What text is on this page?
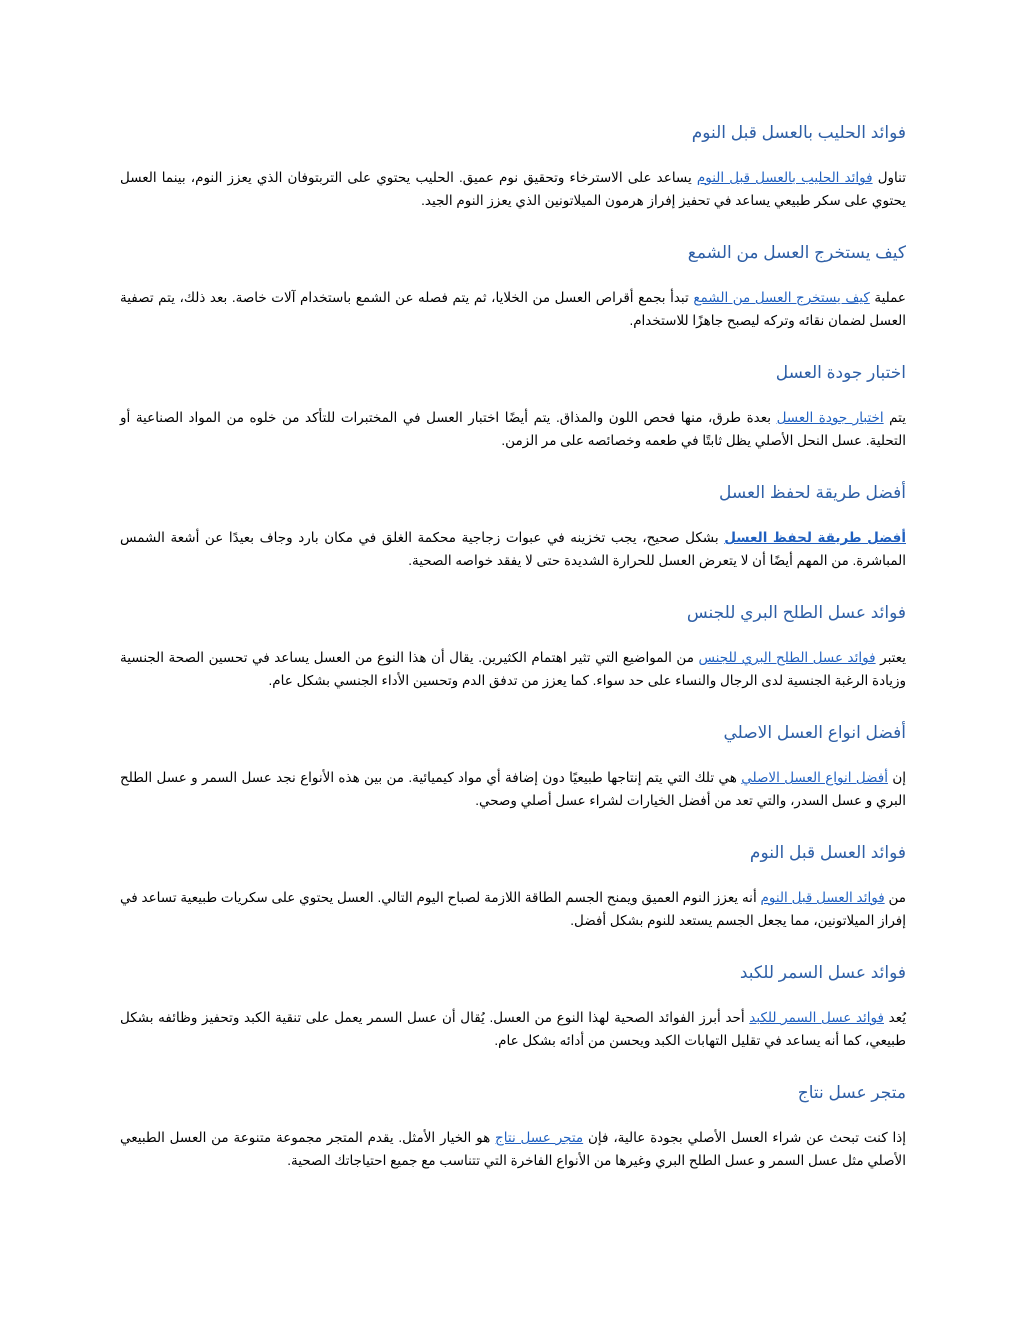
فوائد الحليب بالعسل قبل النوم

تناول فوائد الحليب بالعسل قبل النوم يساعد على الاسترخاء وتحقيق نوم عميق. الحليب يحتوي على التربتوفان الذي يعزز النوم، بينما العسل يحتوي على سكر طبيعي يساعد في تحفيز إفراز هرمون الميلاتونين الذي يعزز النوم الجيد.

كيف يستخرج العسل من الشمع

عملية كيف يستخرج العسل من الشمع تبدأ بجمع أقراص العسل من الخلايا، ثم يتم فصله عن الشمع باستخدام آلات خاصة. بعد ذلك، يتم تصفية العسل لضمان نقائه وتركه ليصبح جاهزًا للاستخدام.

اختبار جودة العسل

يتم اختبار جودة العسل بعدة طرق، منها فحص اللون والمذاق. يتم أيضًا اختبار العسل في المختبرات للتأكد من خلوه من المواد الصناعية أو التحلية. عسل النحل الأصلي يظل ثابتًا في طعمه وخصائصه على مر الزمن.

أفضل طريقة لحفظ العسل

أفضل طريقة لحفظ العسل بشكل صحيح، يجب تخزينه في عبوات زجاجية محكمة الغلق في مكان بارد وجاف بعيدًا عن أشعة الشمس المباشرة. من المهم أيضًا أن لا يتعرض العسل للحرارة الشديدة حتى لا يفقد خواصه الصحية.

فوائد عسل الطلح البري للجنس

يعتبر فوائد عسل الطلح البري للجنس من المواضيع التي تثير اهتمام الكثيرين. يقال أن هذا النوع من العسل يساعد في تحسين الصحة الجنسية وزيادة الرغبة الجنسية لدى الرجال والنساء على حد سواء. كما يعزز من تدفق الدم وتحسين الأداء الجنسي بشكل عام.

أفضل انواع العسل الاصلي

إن أفضل انواع العسل الاصلي هي تلك التي يتم إنتاجها طبيعيًا دون إضافة أي مواد كيميائية. من بين هذه الأنواع نجد عسل السمر و عسل الطلح البري و عسل السدر، والتي تعد من أفضل الخيارات لشراء عسل أصلي وصحي.

فوائد العسل قبل النوم

من فوائد العسل قبل النوم أنه يعزز النوم العميق ويمنح الجسم الطاقة اللازمة لصباح اليوم التالي. العسل يحتوي على سكريات طبيعية تساعد في إفراز الميلاتونين، مما يجعل الجسم يستعد للنوم بشكل أفضل.

فوائد عسل السمر للكبد

يُعد فوائد عسل السمر للكبد أحد أبرز الفوائد الصحية لهذا النوع من العسل. يُقال أن عسل السمر يعمل على تنقية الكبد وتحفيز وظائفه بشكل طبيعي، كما أنه يساعد في تقليل التهابات الكبد ويحسن من أدائه بشكل عام.

متجر عسل نتاج

إذا كنت تبحث عن شراء العسل الأصلي بجودة عالية، فإن متجر عسل نتاج هو الخيار الأمثل. يقدم المتجر مجموعة متنوعة من العسل الطبيعي الأصلي مثل عسل السمر و عسل الطلح البري وغيرها من الأنواع الفاخرة التي تتناسب مع جميع احتياجاتك الصحية.
